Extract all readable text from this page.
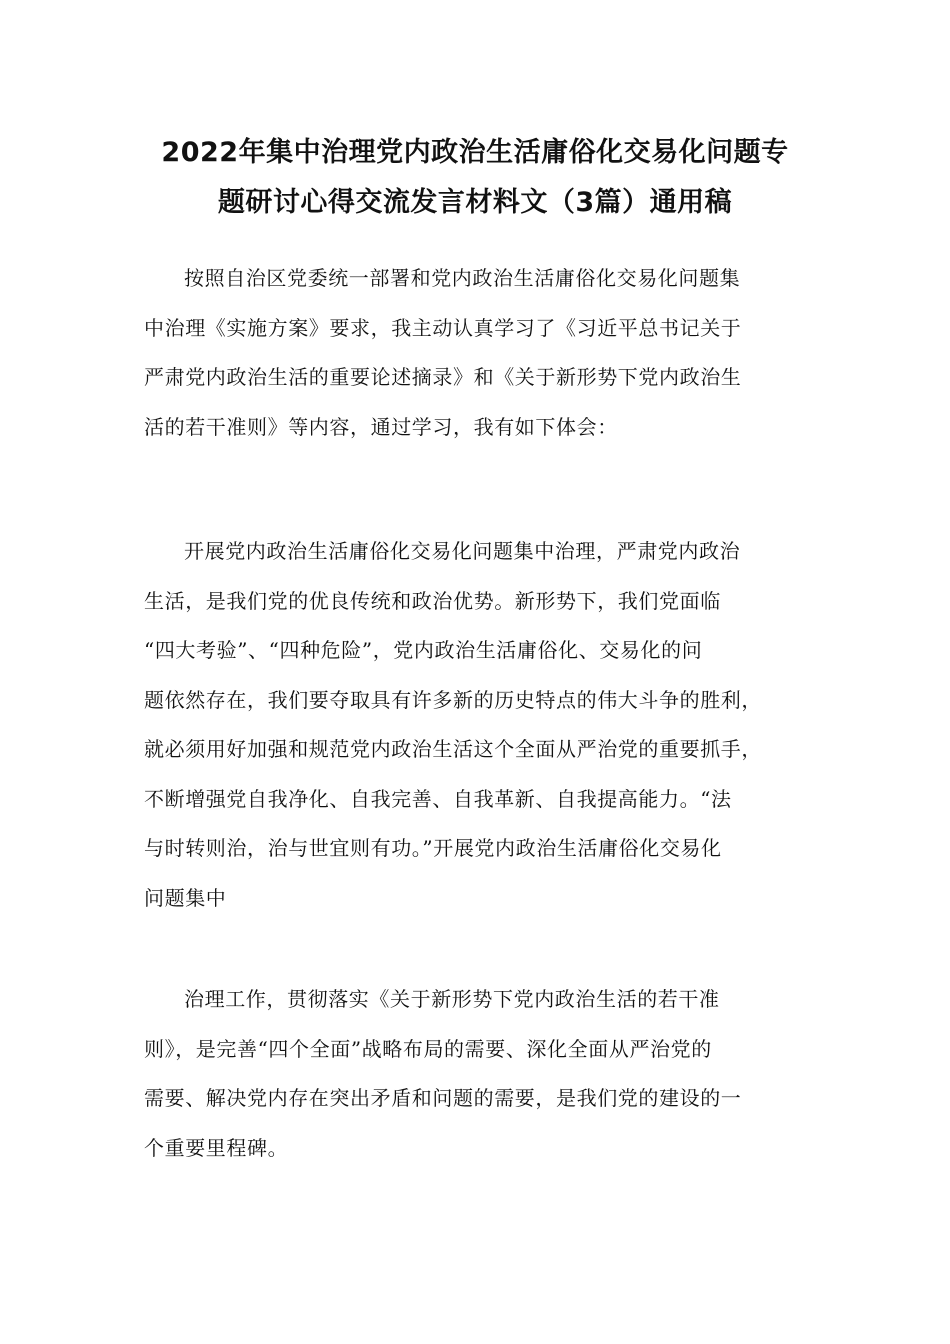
2022年集中治理党内政治生活庸俗化交易化问题专
题研讨心得交流发言材料文（3篇）通用稿
按照自治区党委统一部署和党内政治生活庸俗化交易化问题集
中治理《实施方案》要求，我主动认真学习了《习近平总书记关于
严肃党内政治生活的重要论述摘录》和《关于新形势下党内政治生
活的若干准则》等内容，通过学习，我有如下体会：
开展党内政治生活庸俗化交易化问题集中治理，严肃党内政治
生活，是我们党的优良传统和政治优势。新形势下，我们党面临
“四大考验”、“四种危险”，党内政治生活庸俗化、交易化的问
题依然存在，我们要夺取具有许多新的历史特点的伟大斗争的胜利，
就必须用好加强和规范党内政治生活这个全面从严治党的重要抓手，
不断增强党自我净化、自我完善、自我革新、自我提高能力。“法
与时转则治，治与世宜则有功。”开展党内政治生活庸俗化交易化
问题集中
治理工作，贯彻落实《关于新形势下党内政治生活的若干准
则》，是完善“四个全面”战略布局的需要、深化全面从严治党的
需要、解决党内存在突出矛盾和问题的需要，是我们党的建设的一
个重要里程碑。
